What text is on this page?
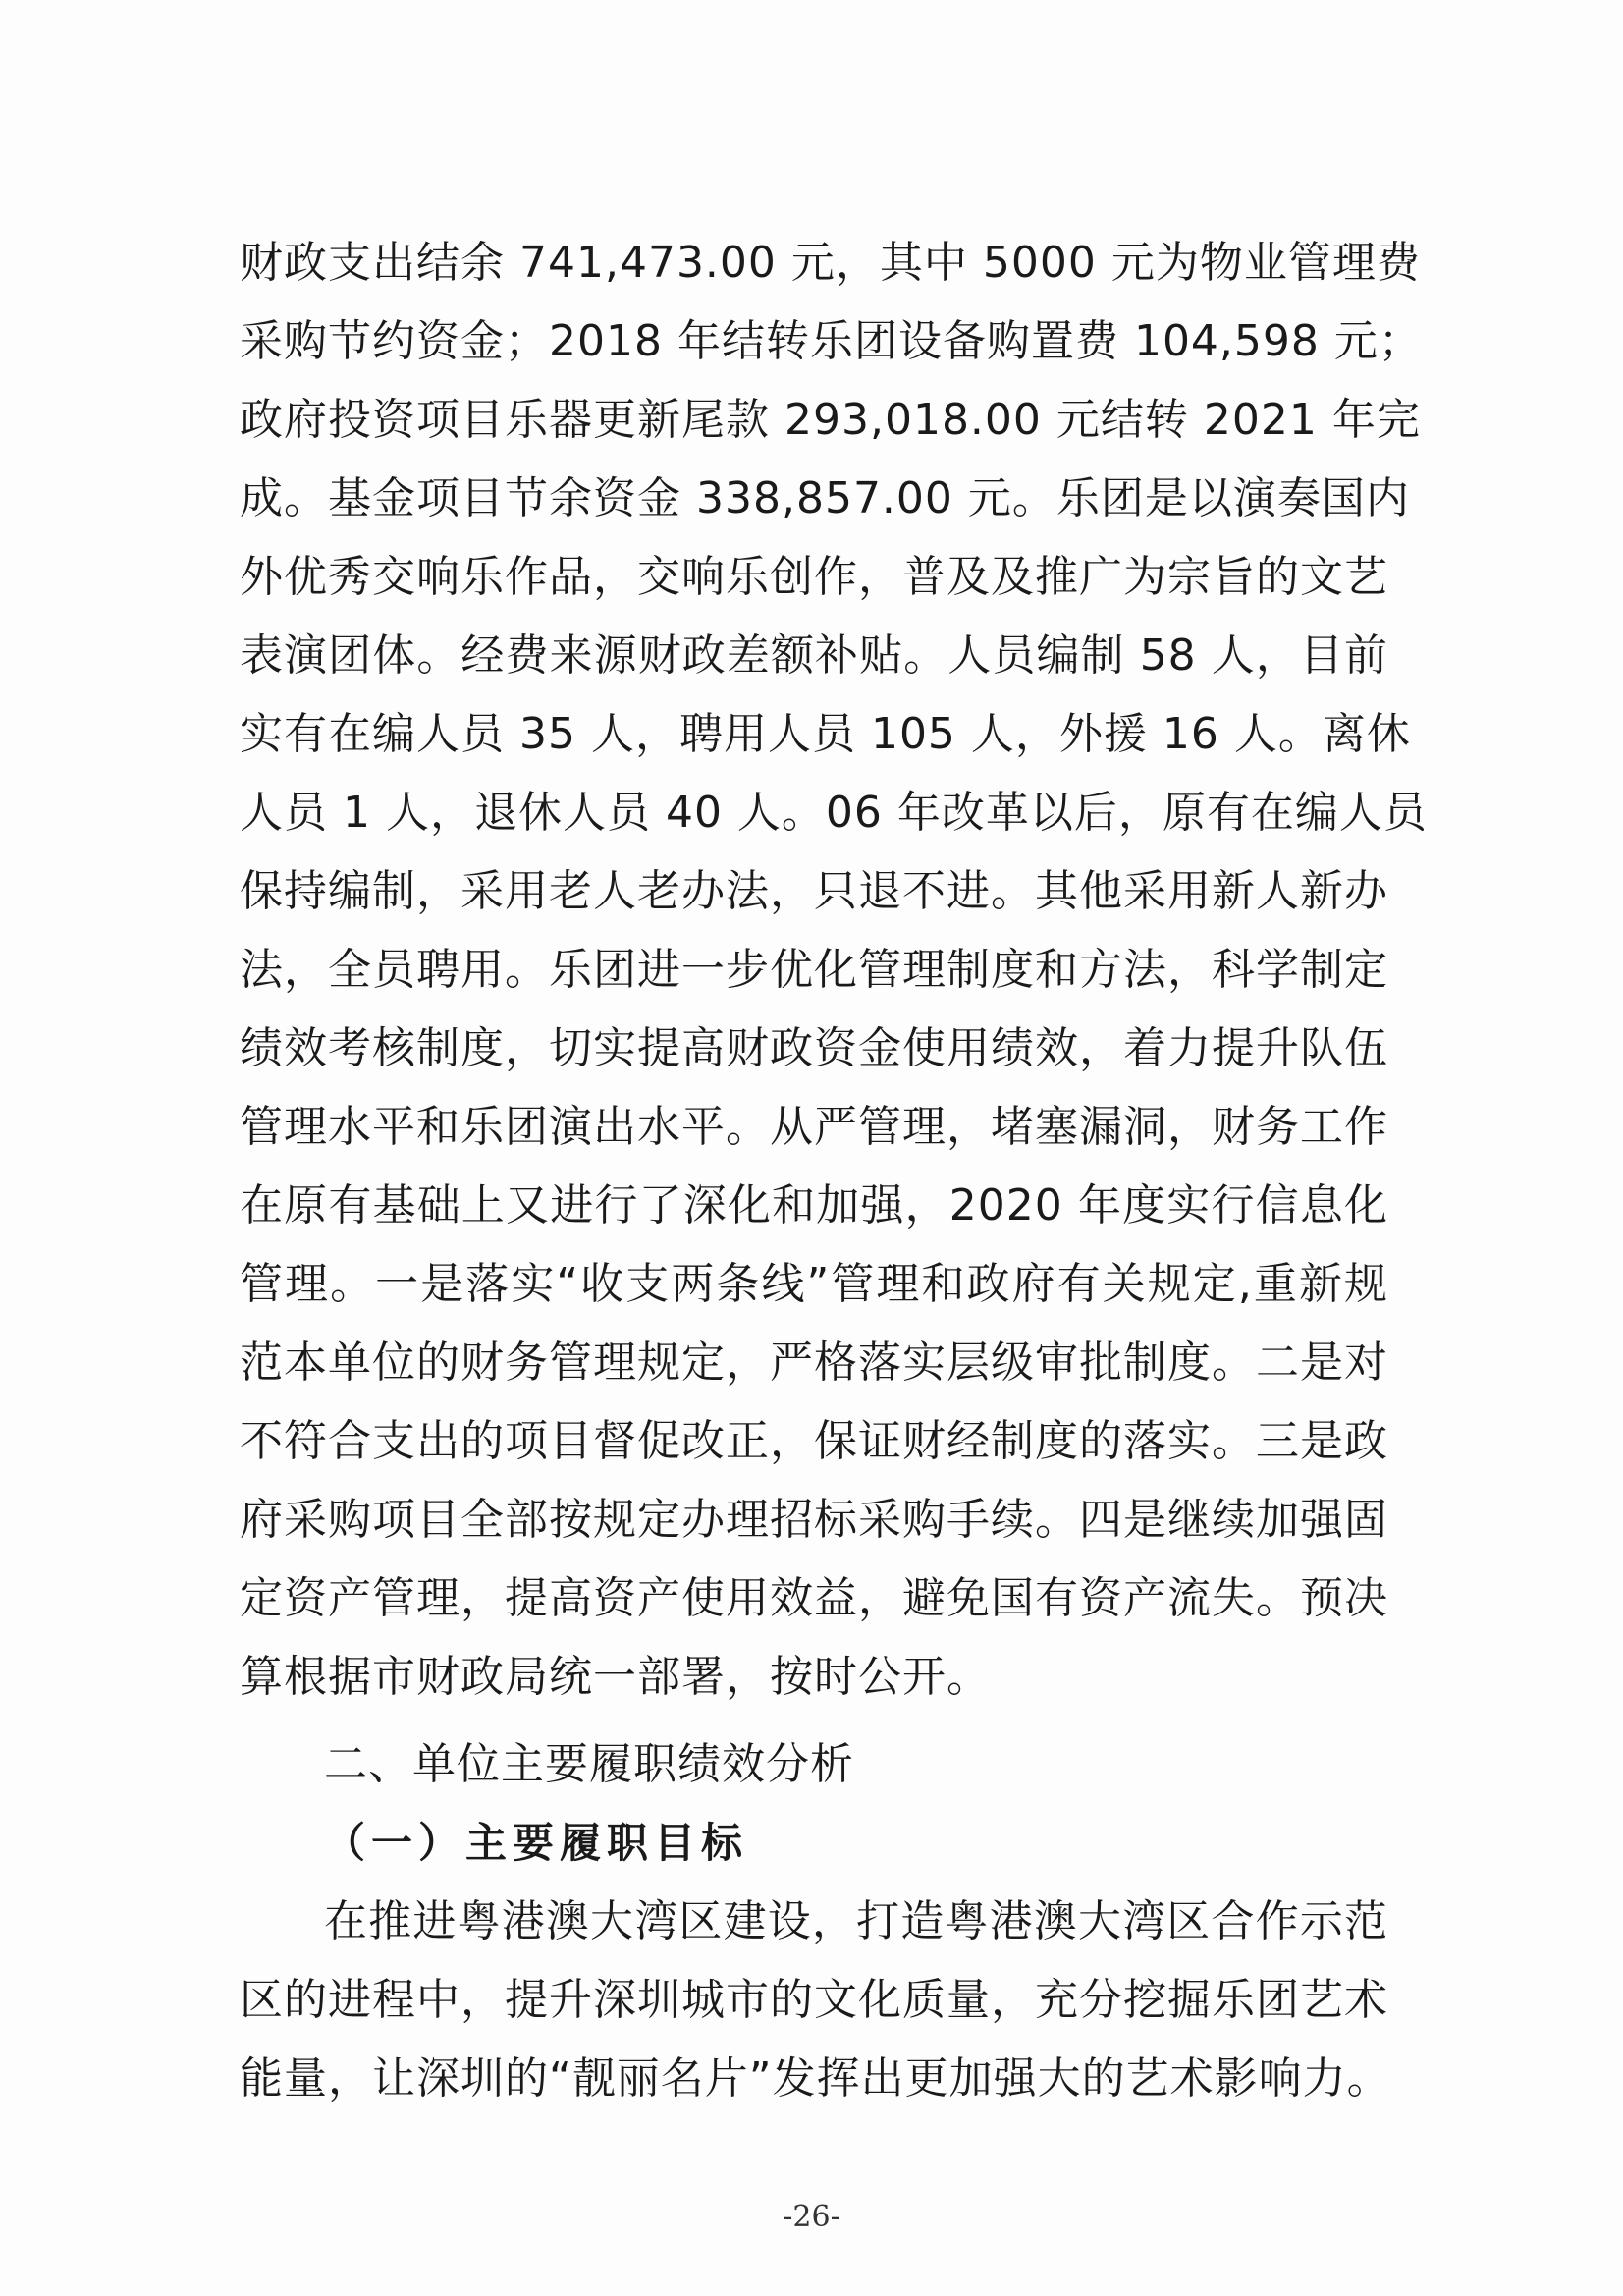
财政支出结余 741,473.00 元，其中 5000 元为物业管理费
采购节约资金；2018 年结转乐团设备购置费 104,598 元；
政府投资项目乐器更新尾款 293,018.00 元结转 2021 年完
成。基金项目节余资金 338,857.00 元。乐团是以演奏国内
外优秀交响乐作品，交响乐创作，普及及推广为宗旨的文艺
表演团体。经费来源财政差额补贴。人员编制 58 人，目前
实有在编人员 35 人，聘用人员 105 人，外援 16 人。离休
人员 1 人，退休人员 40 人。06 年改革以后，原有在编人员
保持编制，采用老人老办法，只退不进。其他采用新人新办
法，全员聘用。乐团进一步优化管理制度和方法，科学制定
绩效考核制度，切实提高财政资金使用绩效，着力提升队伍
管理水平和乐团演出水平。从严管理，堵塞漏洞，财务工作
在原有基础上又进行了深化和加强，2020 年度实行信息化
管理。一是落实“收支两条线”管理和政府有关规定,重新规
范本单位的财务管理规定，严格落实层级审批制度。二是对
不符合支出的项目督促改正，保证财经制度的落实。三是政
府采购项目全部按规定办理招标采购手续。四是继续加强固
定资产管理，提高资产使用效益，避免国有资产流失。预决
算根据市财政局统一部署，按时公开。
二、单位主要履职绩效分析
（一）主要履职目标
在推进粤港澳大湾区建设，打造粤港澳大湾区合作示范
区的进程中，提升深圳城市的文化质量，充分挖掘乐团艺术
能量，让深圳的“靓丽名片”发挥出更加强大的艺术影响力。
-26-
